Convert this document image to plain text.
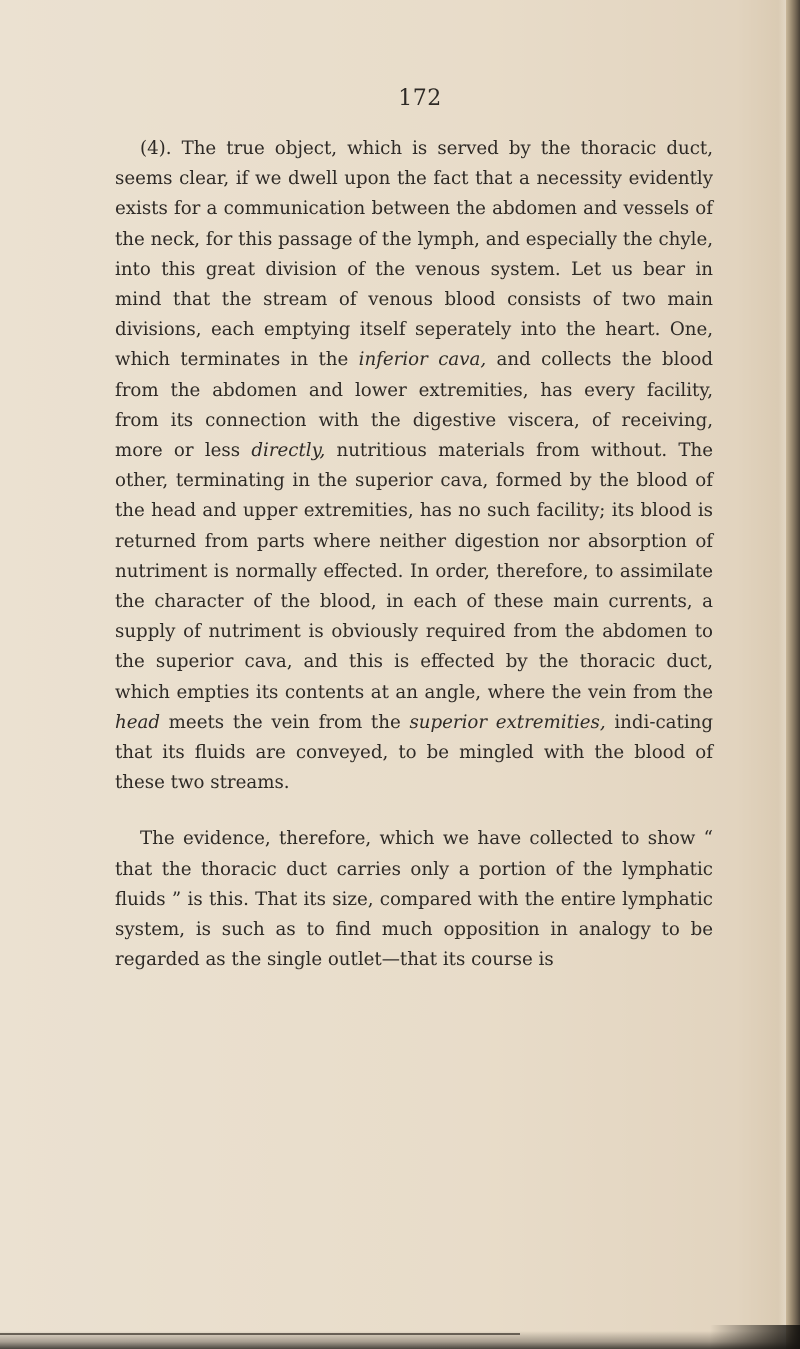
172

(4). The true object, which is served by the thoracic duct, seems clear, if we dwell upon the fact that a necessity evidently exists for a communication between the abdomen and vessels of the neck, for this passage of the lymph, and especially the chyle, into this great division of the venous system. Let us bear in mind that the stream of venous blood consists of two main divisions, each emptying itself seperately into the heart. One, which terminates in the inferior cava, and collects the blood from the abdomen and lower extremities, has every facility, from its connection with the digestive viscera, of receiving, more or less directly, nutritious materials from without. The other, terminating in the superior cava, formed by the blood of the head and upper extremities, has no such facility; its blood is returned from parts where neither digestion nor absorption of nutriment is normally effected. In order, therefore, to assimilate the character of the blood, in each of these main currents, a supply of nutriment is obviously required from the abdomen to the superior cava, and this is effected by the thoracic duct, which empties its contents at an angle, where the vein from the head meets the vein from the superior extremities, indi-cating that its fluids are conveyed, to be mingled with the blood of these two streams.

The evidence, therefore, which we have collected to show “ that the thoracic duct carries only a portion of the lymphatic fluids ” is this. That its size, compared with the entire lymphatic system, is such as to find much opposition in analogy to be regarded as the single outlet—that its course is
